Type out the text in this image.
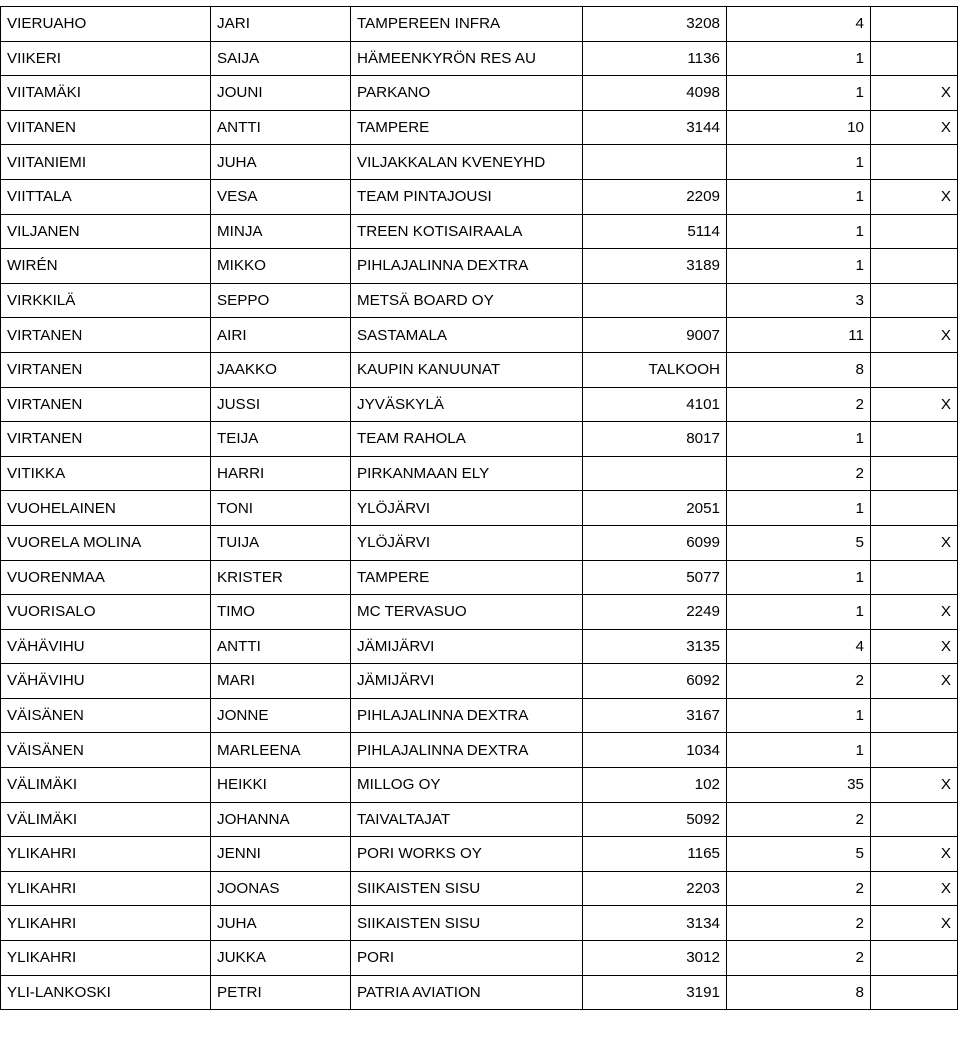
VIERUAHO	JARI	TAMPEREEN INFRA	3208	4	
VIIKERI	SAIJA	HÄMEENKYRÖN RES AU	1136	1	
VIITAMÄKI	JOUNI	PARKANO	4098	1	X
VIITANEN	ANTTI	TAMPERE	3144	10	X
VIITANIEMI	JUHA	VILJAKKALAN KVENEYHD		1	
VIITTALA	VESA	TEAM PINTAJOUSI	2209	1	X
VILJANEN	MINJA	TREEN KOTISAIRAALA	5114	1	
WIRÉN	MIKKO	PIHLAJALINNA DEXTRA	3189	1	
VIRKKILÄ	SEPPO	METSÄ BOARD OY		3	
VIRTANEN	AIRI	SASTAMALA	9007	11	X
VIRTANEN	JAAKKO	KAUPIN KANUUNAT	TALKOOH	8	
VIRTANEN	JUSSI	JYVÄSKYLÄ	4101	2	X
VIRTANEN	TEIJA	TEAM RAHOLA	8017	1	
VITIKKA	HARRI	PIRKANMAAN ELY		2	
VUOHELAINEN	TONI	YLÖJÄRVI	2051	1	
VUORELA MOLINA	TUIJA	YLÖJÄRVI	6099	5	X
VUORENMAA	KRISTER	TAMPERE	5077	1	
VUORISALO	TIMO	MC TERVASUO	2249	1	X
VÄHÄVIHU	ANTTI	JÄMIJÄRVI	3135	4	X
VÄHÄVIHU	MARI	JÄMIJÄRVI	6092	2	X
VÄISÄNEN	JONNE	PIHLAJALINNA DEXTRA	3167	1	
VÄISÄNEN	MARLEENA	PIHLAJALINNA DEXTRA	1034	1	
VÄLIMÄKI	HEIKKI	MILLOG OY	102	35	X
VÄLIMÄKI	JOHANNA	TAIVALTAJAT	5092	2	
YLIKAHRI	JENNI	PORI WORKS OY	1165	5	X
YLIKAHRI	JOONAS	SIIKAISTEN SISU	2203	2	X
YLIKAHRI	JUHA	SIIKAISTEN SISU	3134	2	X
YLIKAHRI	JUKKA	PORI	3012	2	
YLI-LANKOSKI	PETRI	PATRIA AVIATION	3191	8	
